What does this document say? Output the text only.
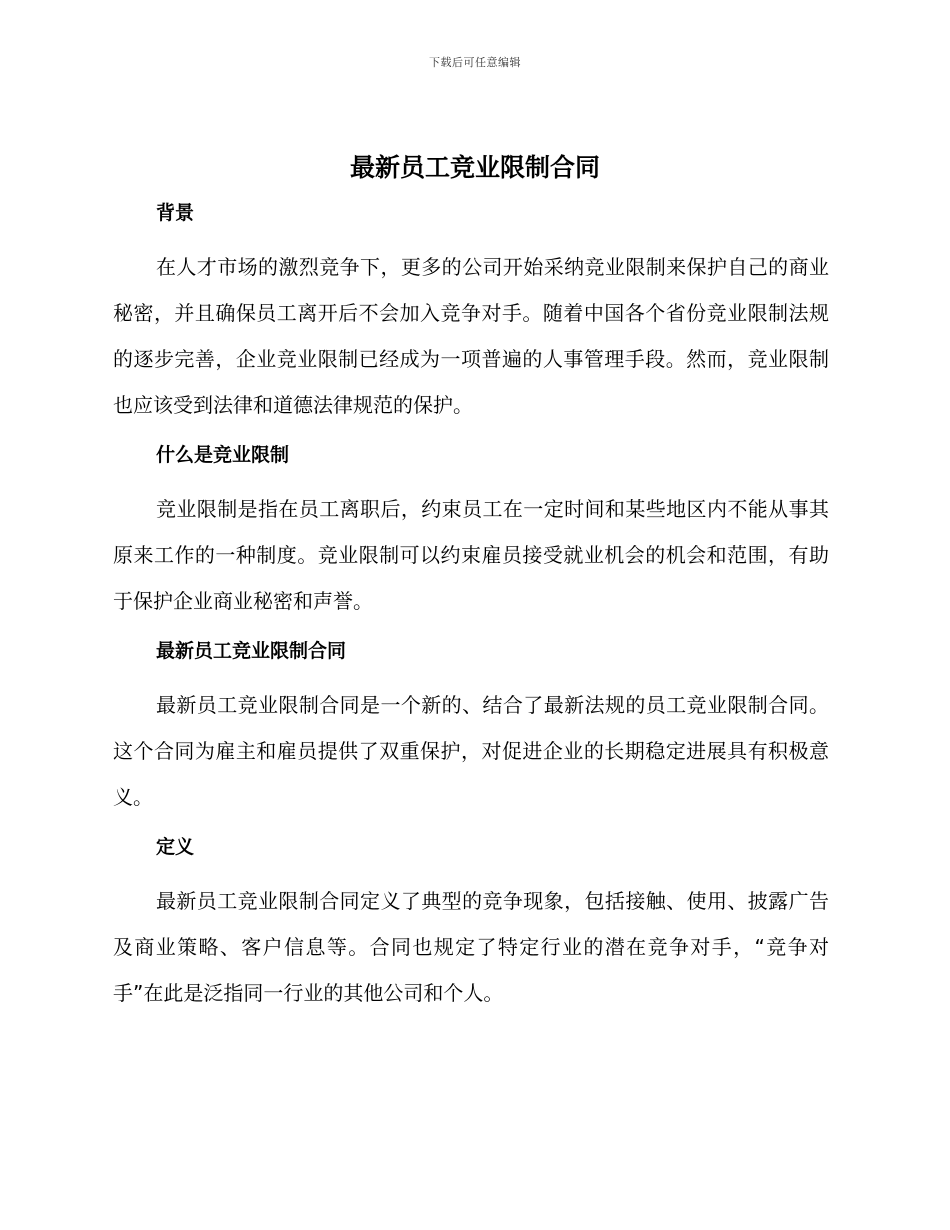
下载后可任意编辑
最新员工竞业限制合同
背景

在人才市场的激烈竞争下，更多的公司开始采纳竞业限制来保护自己的商业秘密，并且确保员工离开后不会加入竞争对手。随着中国各个省份竞业限制法规的逐步完善，企业竞业限制已经成为一项普遍的人事管理手段。然而，竞业限制也应该受到法律和道德法律规范的保护。

什么是竞业限制

竞业限制是指在员工离职后，约束员工在一定时间和某些地区内不能从事其原来工作的一种制度。竞业限制可以约束雇员接受就业机会的机会和范围，有助于保护企业商业秘密和声誉。

最新员工竞业限制合同

最新员工竞业限制合同是一个新的、结合了最新法规的员工竞业限制合同。这个合同为雇主和雇员提供了双重保护，对促进企业的长期稳定进展具有积极意义。

定义

最新员工竞业限制合同定义了典型的竞争现象，包括接触、使用、披露广告及商业策略、客户信息等。合同也规定了特定行业的潜在竞争对手，“竞争对手”在此是泛指同一行业的其他公司和个人。
